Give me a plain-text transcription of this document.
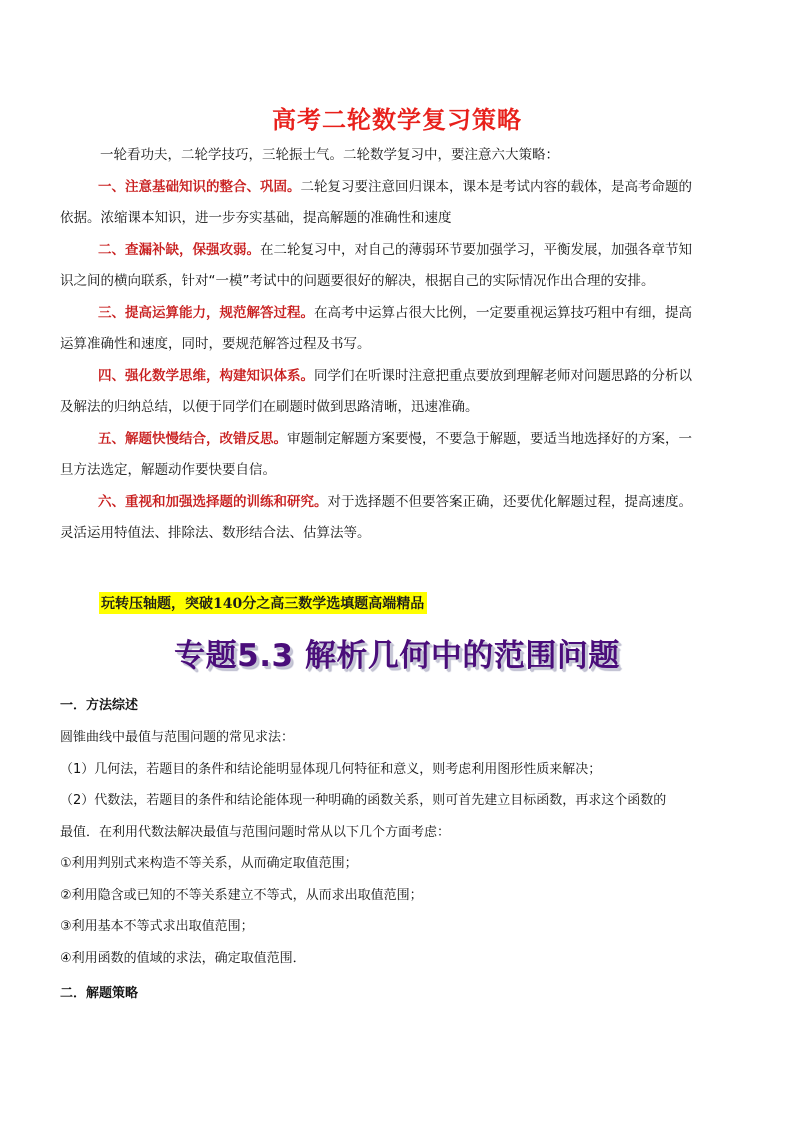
高考二轮数学复习策略

一轮看功夫，二轮学技巧，三轮振士气。二轮数学复习中，要注意六大策略：

一、注意基础知识的整合、巩固。二轮复习要注意回归课本，课本是考试内容的载体，是高考命题的

依据。浓缩课本知识，进一步夯实基础，提高解题的准确性和速度

二、查漏补缺，保强攻弱。在二轮复习中，对自己的薄弱环节要加强学习，平衡发展，加强各章节知

识之间的横向联系，针对“一模”考试中的问题要很好的解决，根据自己的实际情况作出合理的安排。

三、提高运算能力，规范解答过程。在高考中运算占很大比例，一定要重视运算技巧粗中有细，提高

运算准确性和速度，同时，要规范解答过程及书写。

四、强化数学思维，构建知识体系。同学们在听课时注意把重点要放到理解老师对问题思路的分析以

及解法的归纳总结，以便于同学们在刷题时做到思路清晰，迅速准确。

五、解题快慢结合，改错反思。审题制定解题方案要慢，不要急于解题，要适当地选择好的方案，一

旦方法选定，解题动作要快要自信。

六、重视和加强选择题的训练和研究。对于选择题不但要答案正确，还要优化解题过程，提高速度。

灵活运用特值法、排除法、数形结合法、估算法等。

玩转压轴题，突破140分之高三数学选填题高端精品
专题5.3 解析几何中的范围问题
一．方法综述

圆锥曲线中最值与范围问题的常见求法：

（1）几何法，若题目的条件和结论能明显体现几何特征和意义，则考虑利用图形性质来解决；

（2）代数法，若题目的条件和结论能体现一种明确的函数关系，则可首先建立目标函数，再求这个函数的

最值．在利用代数法解决最值与范围问题时常从以下几个方面考虑：

①利用判别式来构造不等关系，从而确定取值范围；

②利用隐含或已知的不等关系建立不等式，从而求出取值范围；

③利用基本不等式求出取值范围；

④利用函数的值域的求法，确定取值范围．

二．解题策略
